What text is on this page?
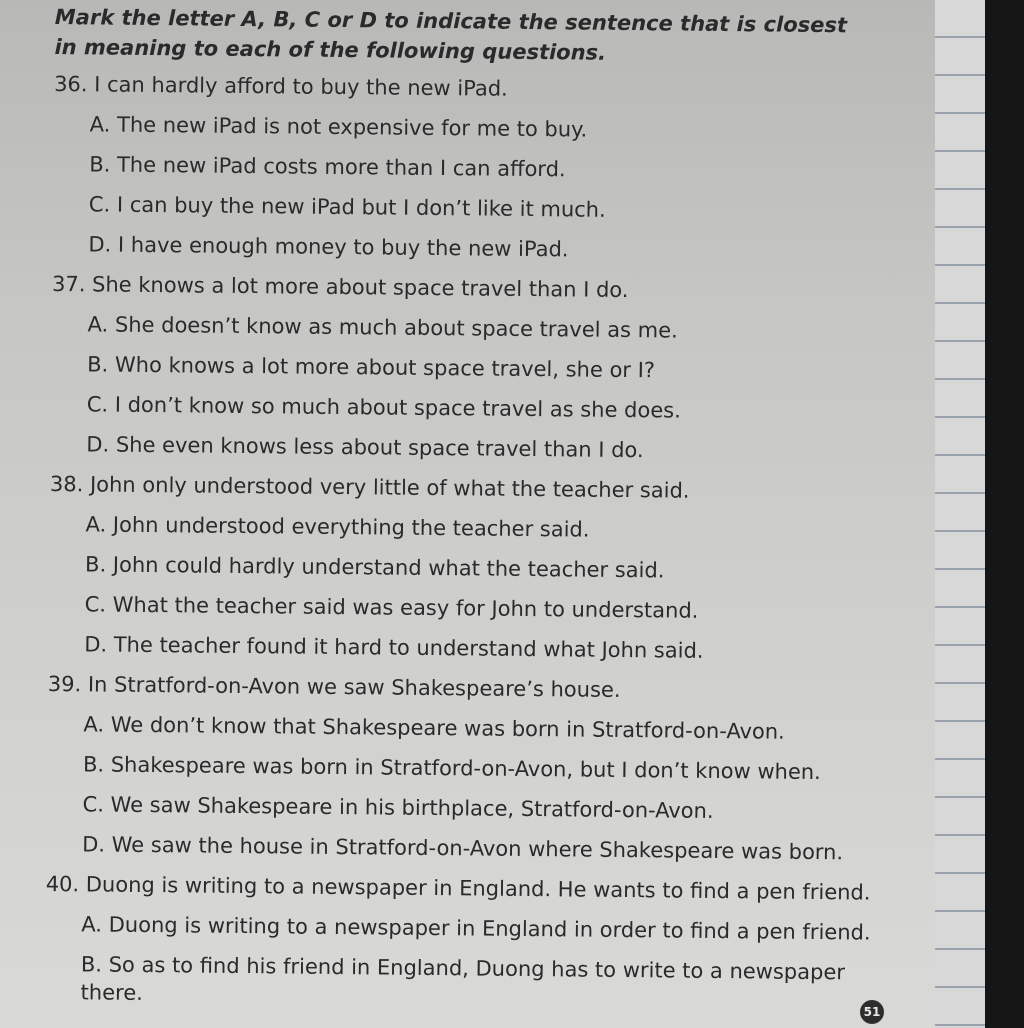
Mark the letter A, B, C or D to indicate the sentence that is closest in meaning to each of the following questions.

36. I can hardly afford to buy the new iPad.

A. The new iPad is not expensive for me to buy.

B. The new iPad costs more than I can afford.

C. I can buy the new iPad but I don’t like it much.

D. I have enough money to buy the new iPad.

37. She knows a lot more about space travel than I do.

A. She doesn’t know as much about space travel as me.

B. Who knows a lot more about space travel, she or I?

C. I don’t know so much about space travel as she does.

D. She even knows less about space travel than I do.

38. John only understood very little of what the teacher said.

A. John understood everything the teacher said.

B. John could hardly understand what the teacher said.

C. What the teacher said was easy for John to understand.

D. The teacher found it hard to understand what John said.

39. In Stratford-on-Avon we saw Shakespeare’s house.

A. We don’t know that Shakespeare was born in Stratford-on-Avon.

B. Shakespeare was born in Stratford-on-Avon, but I don’t know when.

C. We saw Shakespeare in his birthplace, Stratford-on-Avon.

D. We saw the house in Stratford-on-Avon where Shakespeare was born.

40. Duong is writing to a newspaper in England. He wants to find a pen friend.

A. Duong is writing to a newspaper in England in order to find a pen friend.

B. So as to find his friend in England, Duong has to write to a newspaper there.

51
